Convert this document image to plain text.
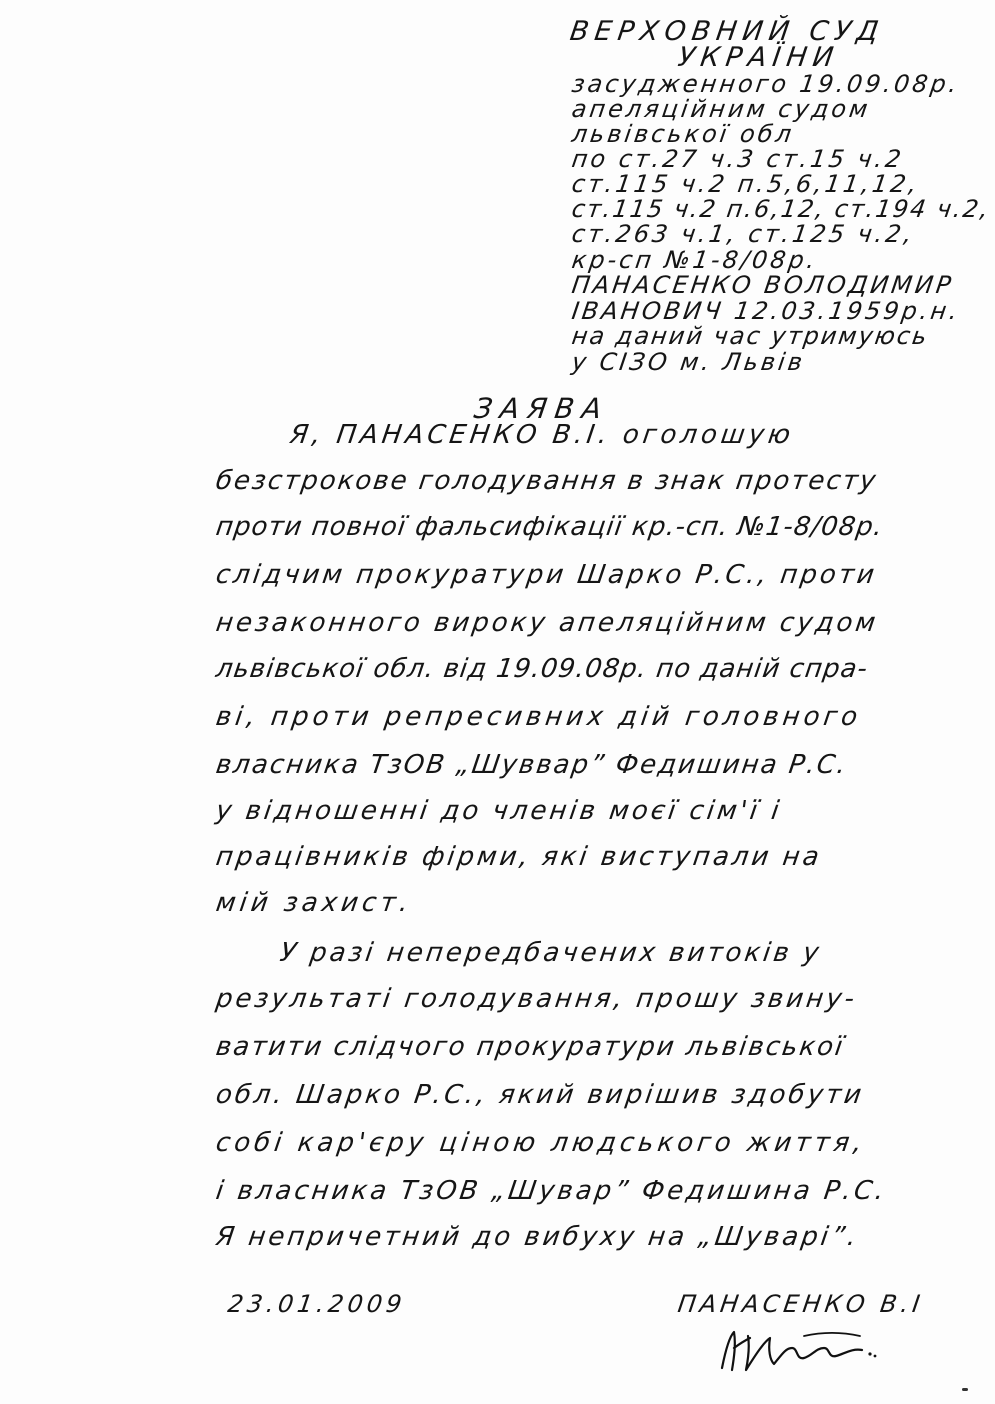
ВЕРХОВНИЙ СУД
УКРАЇНИ
засудженного 19.09.08р.
апеляційним судом
львівської обл
по ст.27 ч.3 ст.15 ч.2
ст.115 ч.2 п.5,6,11,12,
ст.115 ч.2 п.6,12, ст.194 ч.2,
ст.263 ч.1, ст.125 ч.2,
кр-сп №1-8/08р.
ПАНАСЕНКО ВОЛОДИМИР
ІВАНОВИЧ 12.03.1959р.н.
на даний час утримуюсь
у СІЗО м. Львів
ЗАЯВА
Я, ПАНАСЕНКО В.І. оголошую
безстрокове голодування в знак протесту
проти повної фальсифікації кр.-сп. №1-8/08р.
слідчим прокуратури Шарко Р.С., проти
незаконного вироку апеляційним судом
львівської обл. від 19.09.08р. по даній спра-
ві, проти репресивних дій головного
власника ТзОВ „Шуввар” Федишина Р.С.
у відношенні до членів моєї сім'ї і
працівників фірми, які виступали на
мій захист.
У разі непередбачених витоків у
результаті голодування, прошу звину-
ватити слідчого прокуратури львівської
обл. Шарко Р.С., який вирішив здобути
собі кар'єру ціною людського життя,
і власника ТзОВ „Шувар” Федишина Р.С.
Я непричетний до вибуху на „Шуварі”.
23.01.2009	ПАНАСЕНКО В.І
